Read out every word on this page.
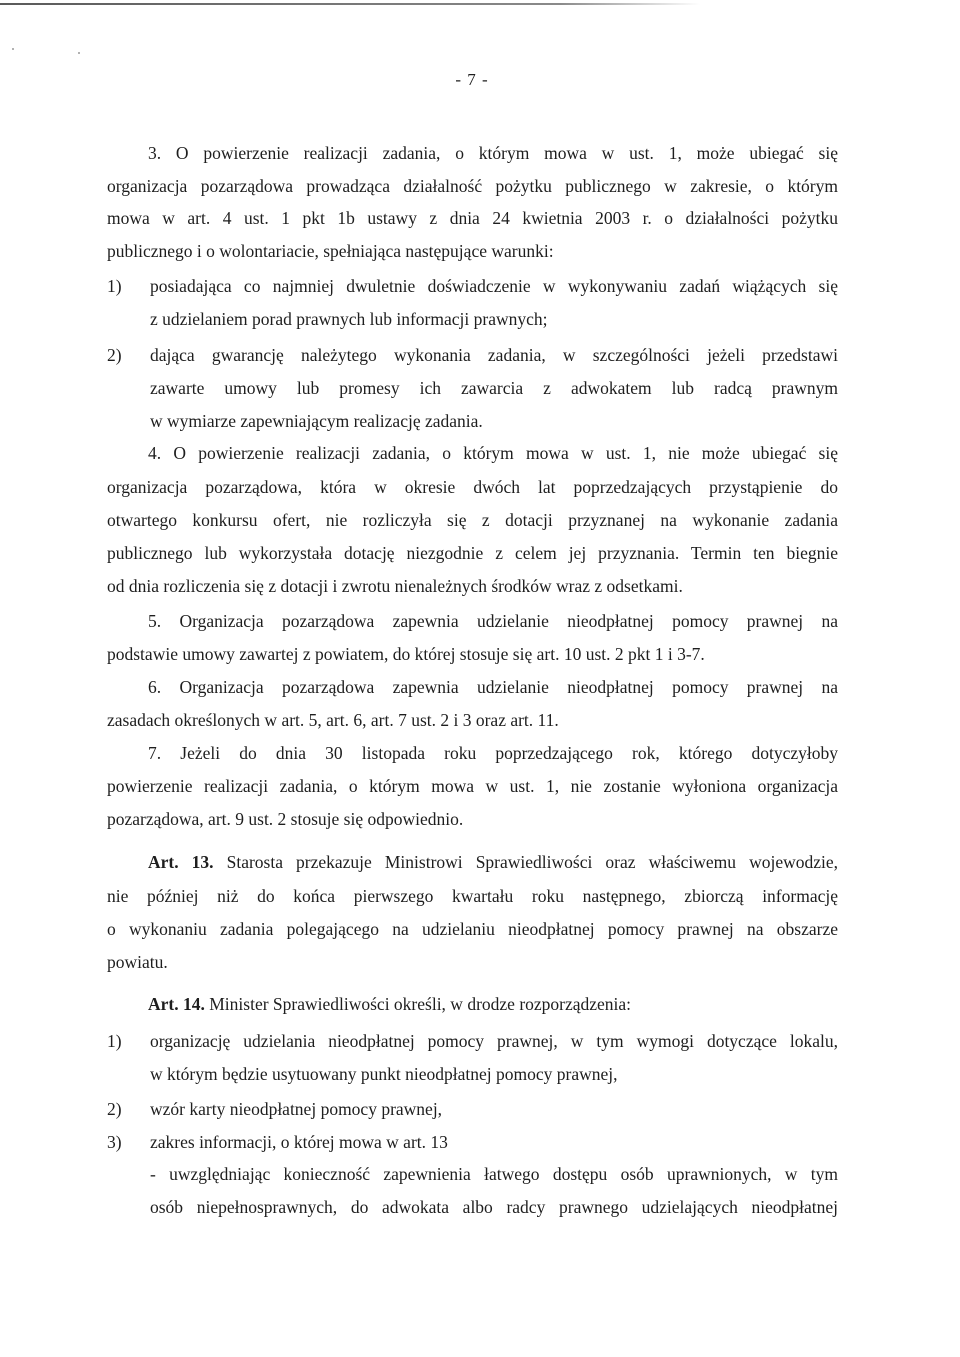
- 7 -
3. O powierzenie realizacji zadania, o którym mowa w ust. 1, może ubiegać się
organizacja pozarządowa prowadząca działalność pożytku publicznego w zakresie, o którym
mowa w art. 4 ust. 1 pkt 1b ustawy z dnia 24 kwietnia 2003 r. o działalności pożytku
publicznego i o wolontariacie, spełniająca następujące warunki:
1) posiadająca co najmniej dwuletnie doświadczenie w wykonywaniu zadań wiążących się
z udzielaniem porad prawnych lub informacji prawnych;
2) dająca gwarancję należytego wykonania zadania, w szczególności jeżeli przedstawi
zawarte umowy lub promesy ich zawarcia z adwokatem lub radcą prawnym
w wymiarze zapewniającym realizację zadania.
4. O powierzenie realizacji zadania, o którym mowa w ust. 1, nie może ubiegać się
organizacja pozarządowa, która w okresie dwóch lat poprzedzających przystąpienie do
otwartego konkursu ofert, nie rozliczyła się z dotacji przyznanej na wykonanie zadania
publicznego lub wykorzystała dotację niezgodnie z celem jej przyznania. Termin ten biegnie
od dnia rozliczenia się z dotacji i zwrotu nienależnych środków wraz z odsetkami.
5. Organizacja pozarządowa zapewnia udzielanie nieodpłatnej pomocy prawnej na
podstawie umowy zawartej z powiatem, do której stosuje się art. 10 ust. 2 pkt 1 i 3-7.
6. Organizacja pozarządowa zapewnia udzielanie nieodpłatnej pomocy prawnej na
zasadach określonych w art. 5, art. 6, art. 7 ust. 2 i 3 oraz art. 11.
7. Jeżeli do dnia 30 listopada roku poprzedzającego rok, którego dotyczyłoby
powierzenie realizacji zadania, o którym mowa w ust. 1, nie zostanie wyłoniona organizacja
pozarządowa, art. 9 ust. 2 stosuje się odpowiednio.
Art. 13. Starosta przekazuje Ministrowi Sprawiedliwości oraz właściwemu wojewodzie,
nie później niż do końca pierwszego kwartału roku następnego, zbiorczą informację
o wykonaniu zadania polegającego na udzielaniu nieodpłatnej pomocy prawnej na obszarze
powiatu.
Art. 14. Minister Sprawiedliwości określi, w drodze rozporządzenia:
1) organizację udzielania nieodpłatnej pomocy prawnej, w tym wymogi dotyczące lokalu,
w którym będzie usytuowany punkt nieodpłatnej pomocy prawnej,
2) wzór karty nieodpłatnej pomocy prawnej,
3) zakres informacji, o której mowa w art. 13
- uwzględniając konieczność zapewnienia łatwego dostępu osób uprawnionych, w tym
osób niepełnosprawnych, do adwokata albo radcy prawnego udzielających nieodpłatnej
